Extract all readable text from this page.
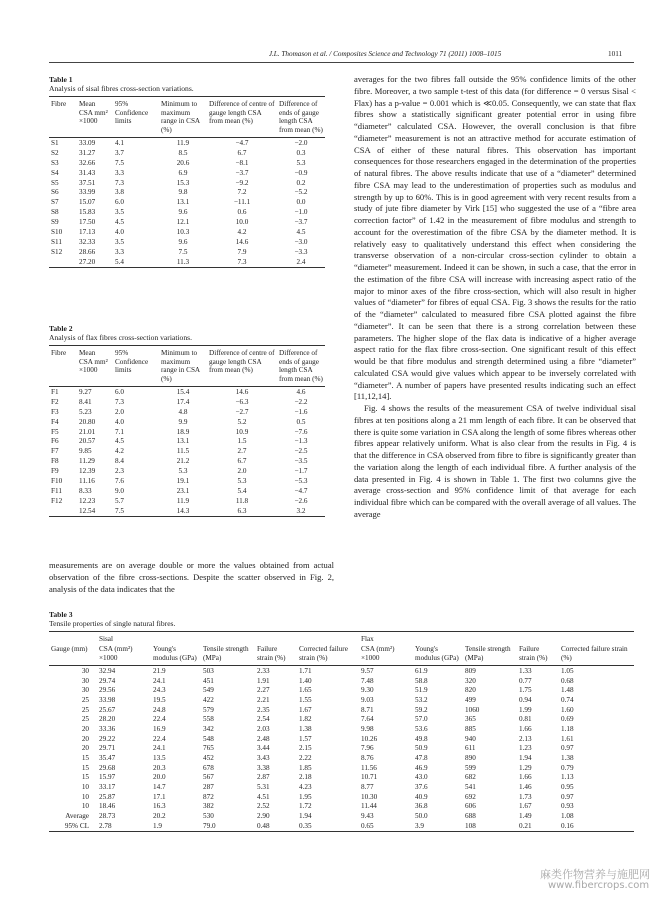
J.L. Thomason et al. / Composites Science and Technology 71 (2011) 1008–1015	1011
Table 1
Analysis of sisal fibres cross-section variations.
Fibre	Mean CSA mm² ×1000	95% Confidence limits	Minimum to maximum range in CSA (%)	Difference of centre of gauge length CSA from mean (%)	Difference of ends of gauge length CSA from mean (%)
S1	33.09	4.1	11.9	−4.7	−2.0
S2	31.27	3.7	8.5	6.7	0.3
S3	32.66	7.5	20.6	−8.1	5.3
S4	31.43	3.3	6.9	−3.7	−0.9
S5	37.51	7.3	15.3	−9.2	0.2
S6	33.99	3.8	9.8	7.2	−5.2
S7	15.07	6.0	13.1	−11.1	0.0
S8	15.83	3.5	9.6	0.6	−1.0
S9	17.50	4.5	12.1	10.0	−3.7
S10	17.13	4.0	10.3	4.2	4.5
S11	32.33	3.5	9.6	14.6	−3.0
S12	28.66	3.3	7.5	7.9	−3.3
	27.20	5.4	11.3	7.3	2.4
Table 2
Analysis of flax fibres cross-section variations.
Fibre	Mean CSA mm² ×1000	95% Confidence limits	Minimum to maximum range in CSA (%)	Difference of centre of gauge length CSA from mean (%)	Difference of ends of gauge length CSA from mean (%)
F1	9.27	6.0	15.4	14.6	4.6
F2	8.41	7.3	17.4	−6.3	−2.2
F3	5.23	2.0	4.8	−2.7	−1.6
F4	20.80	4.0	9.9	5.2	0.5
F5	21.01	7.1	18.9	10.9	−7.6
F6	20.57	4.5	13.1	1.5	−1.3
F7	9.85	4.2	11.5	2.7	−2.5
F8	11.29	8.4	21.2	6.7	−3.5
F9	12.39	2.3	5.3	2.0	−1.7
F10	11.16	7.6	19.1	5.3	−5.3
F11	8.33	9.0	23.1	5.4	−4.7
F12	12.23	5.7	11.9	11.8	−2.6
	12.54	7.5	14.3	6.3	3.2

measurements are on average double or more the values obtained from actual observation of the fibre cross-sections. Despite the scatter observed in Fig. 2, analysis of the data indicates that the

averages for the two fibres fall outside the 95% confidence limits of the other fibre. Moreover, a two sample t-test of this data (for difference = 0 versus Sisal < Flax) has a p-value = 0.001 which is ≪0.05. Consequently, we can state that flax fibres show a statistically significant greater potential error in using fibre “diameter” calculated CSA. However, the overall conclusion is that fibre “diameter” measurement is not an attractive method for accurate estimation of CSA of either of these natural fibres. This observation has important consequences for those researchers engaged in the determination of the properties of natural fibres. The above results indicate that use of a “diameter” determined fibre CSA may lead to the underestimation of properties such as modulus and strength by up to 60%. This is in good agreement with very recent results from a study of jute fibre diameter by Virk [15] who suggested the use of a “fibre area correction factor” of 1.42 in the measurement of fibre modulus and strength to account for the overestimation of the fibre CSA by the diameter method. It is relatively easy to qualitatively understand this effect when considering the transverse observation of a non-circular cross-section cylinder to obtain a “diameter” measurement. Indeed it can be shown, in such a case, that the error in the estimation of the fibre CSA will increase with increasing aspect ratio of the major to minor axes of the fibre cross-section, which will also result in higher values of “diameter” for fibres of equal CSA. Fig. 3 shows the results for the ratio of the “diameter” calculated to measured fibre CSA plotted against the fibre “diameter”. It can be seen that there is a strong correlation between these parameters. The higher slope of the flax data is indicative of a higher average aspect ratio for the flax fibre cross-section. One significant result of this effect would be that fibre modulus and strength determined using a fibre “diameter” calculated CSA would give values which appear to be inversely correlated with “diameter”. A number of papers have presented results indicating such an effect [11,12,14].

Fig. 4 shows the results of the measurement CSA of twelve individual sisal fibres at ten positions along a 21 mm length of each fibre. It can be observed that there is quite some variation in CSA along the length of some fibres whereas other fibres appear relatively uniform. What is also clear from the results in Fig. 4 is that the difference in CSA observed from fibre to fibre is significantly greater than the variation along the length of each individual fibre. A further analysis of the data presented in Fig. 4 is shown in Table 1. The first two columns give the average cross-section and 95% confidence limit of that average for each individual fibre which can be compared with the overall average of all values. The average

Table 3
Tensile properties of single natural fibres.
	Sisal					Flax				
Gauge (mm)	CSA (mm²) ×1000	Young's modulus (GPa)	Tensile strength (MPa)	Failure strain (%)	Corrected failure strain (%)	CSA (mm²) ×1000	Young's modulus (GPa)	Tensile strength (MPa)	Failure strain (%)	Corrected failure strain (%)
30	32.94	21.9	503	2.33	1.71	9.57	61.9	809	1.33	1.05
30	29.74	24.1	451	1.91	1.40	7.48	58.8	320	0.77	0.68
30	29.56	24.3	549	2.27	1.65	9.30	51.9	820	1.75	1.48
25	33.98	19.5	422	2.21	1.55	9.03	53.2	499	0.94	0.74
25	25.67	24.8	579	2.35	1.67	8.71	59.2	1060	1.99	1.60
25	28.20	22.4	558	2.54	1.82	7.64	57.0	365	0.81	0.69
20	33.36	16.9	342	2.03	1.38	9.98	53.6	885	1.66	1.18
20	29.22	22.4	548	2.48	1.57	10.26	49.8	940	2.13	1.61
20	29.71	24.1	765	3.44	2.15	7.96	50.9	611	1.23	0.97
15	35.47	13.5	452	3.43	2.22	8.76	47.8	890	1.94	1.38
15	29.68	20.3	678	3.38	1.85	11.56	46.9	599	1.29	0.79
15	15.97	20.0	567	2.87	2.18	10.71	43.0	682	1.66	1.13
10	33.17	14.7	287	5.31	4.23	8.77	37.6	541	1.46	0.95
10	25.87	17.1	872	4.51	1.95	10.30	40.9	692	1.73	0.97
10	18.46	16.3	382	2.52	1.72	11.44	36.8	606	1.67	0.93
Average	28.73	20.2	530	2.90	1.94	9.43	50.0	688	1.49	1.08
95% CL	2.78	1.9	79.0	0.48	0.35	0.65	3.9	108	0.21	0.16
麻类作物营养与施肥网
www.fibercrops.com
